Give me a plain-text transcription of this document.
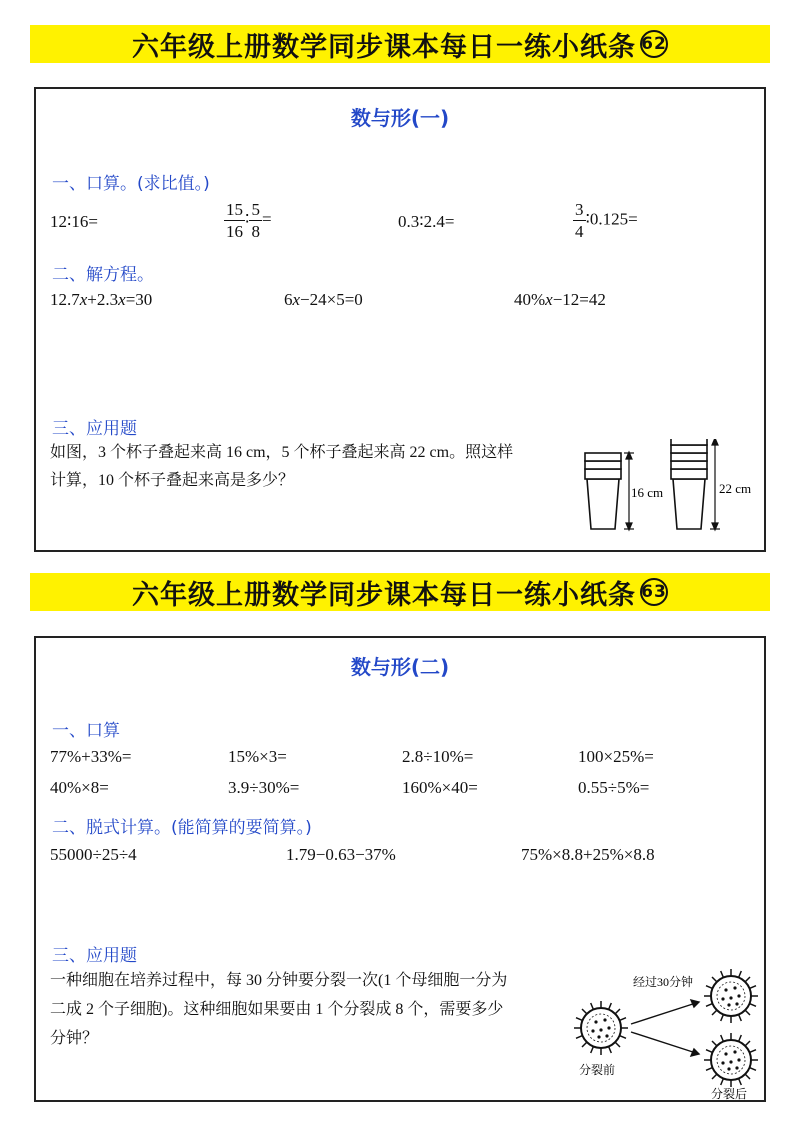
六年级上册数学同步课本每日一练小纸条 62
数与形(一)
一、口算。(求比值。)
12∶16=	$\frac{15}{16}$ ∶ $\frac{5}{8}$ =	0.3∶2.4=	$\frac{3}{4}$ ∶0.125=
二、解方程。
12.7x+2.3x=30	6x−24×5=0	40%x−12=42
三、应用题
如图，3 个杯子叠起来高 16 cm，5 个杯子叠起来高 22 cm。照这样
计算，10 个杯子叠起来高是多少？
16 cm	22 cm
六年级上册数学同步课本每日一练小纸条 63
数与形(二)
一、口算
77%+33%=	15%×3=	2.8÷10%=	100×25%=
40%×8=	3.9÷30%=	160%×40=	0.55÷5%=
二、脱式计算。(能简算的要简算。)
55000÷25÷4	1.79−0.63−37%	75%×8.8+25%×8.8
三、应用题
一种细胞在培养过程中，每 30 分钟要分裂一次(1 个母细胞一分为
二成 2 个子细胞)。这种细胞如果要由 1 个分裂成 8 个，需要多少
分钟？
经过30分钟
分裂前
分裂后
